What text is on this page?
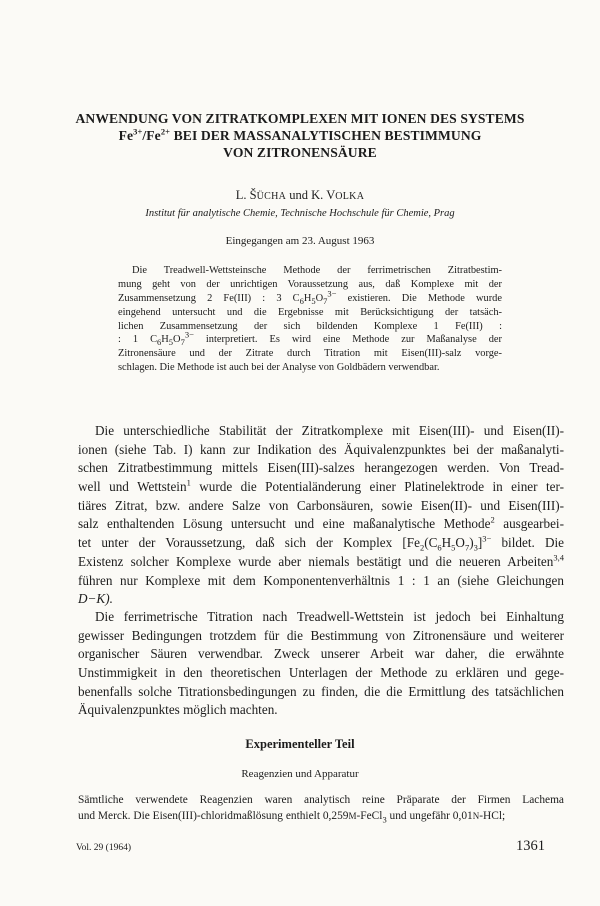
ANWENDUNG VON ZITRATKOMPLEXEN MIT IONEN DES SYSTEMS
$Fe^{3+}/Fe^{2+}$ BEI DER MASSANALYTISCHEN BESTIMMUNG
VON ZITRONENSÄURE
L. ŠÜCHA und K. VOLKA
Institut für analytische Chemie, Technische Hochschule für Chemie, Prag
Eingegangen am 23. August 1963
Die Treadwell-Wettsteinsche Methode der ferrimetrischen Zitratbestim-
mung geht von der unrichtigen Voraussetzung aus, daß Komplexe mit der
Zusammensetzung 2 Fe(III) : 3 $C_6H_5O_7^{3-}$ existieren. Die Methode wurde
eingehend untersucht und die Ergebnisse mit Berücksichtigung der tatsäch-
lichen Zusammensetzung der sich bildenden Komplexe 1 Fe(III) :
: 1 $C_6H_5O_7^{3-}$ interpretiert. Es wird eine Methode zur Maßanalyse der
Zitronensäure und der Zitrate durch Titration mit Eisen(III)-salz vorge-
schlagen. Die Methode ist auch bei der Analyse von Goldbädern verwendbar.
Die unterschiedliche Stabilität der Zitratkomplexe mit Eisen(III)- und Eisen(II)-
ionen (siehe Tab. I) kann zur Indikation des Äquivalenzpunktes bei der maßanalyti-
schen Zitratbestimmung mittels Eisen(III)-salzes herangezogen werden. Von Tread-
well und Wettstein$^1$ wurde die Potentialänderung einer Platinelektrode in einer ter-
tiäres Zitrat, bzw. andere Salze von Carbonsäuren, sowie Eisen(II)- und Eisen(III)-
salz enthaltenden Lösung untersucht und eine maßanalytische Methode$^2$ ausgearbei-
tet unter der Voraussetzung, daß sich der Komplex $[Fe_2(C_6H_5O_7)_3]^{3-}$ bildet. Die
Existenz solcher Komplexe wurde aber niemals bestätigt und die neueren Arbeiten$^{3,4}$
führen nur Komplexe mit dem Komponentenverhältnis 1 : 1 an (siehe Gleichungen
D−K).
Die ferrimetrische Titration nach Treadwell-Wettstein ist jedoch bei Einhaltung
gewisser Bedingungen trotzdem für die Bestimmung von Zitronensäure und weiterer
organischer Säuren verwendbar. Zweck unserer Arbeit war daher, die erwähnte
Unstimmigkeit in den theoretischen Unterlagen der Methode zu erklären und gege-
benenfalls solche Titrationsbedingungen zu finden, die die Ermittlung des tatsächlichen
Äquivalenzpunktes möglich machten.
Experimenteller Teil
Reagenzien und Apparatur
Sämtliche verwendete Reagenzien waren analytisch reine Präparate der Firmen Lachema
und Merck. Die Eisen(III)-chloridmaßlösung enthielt 0,259M-FeCl$_3$ und ungefähr 0,01N-HCl;
Vol. 29 (1964)	1361
